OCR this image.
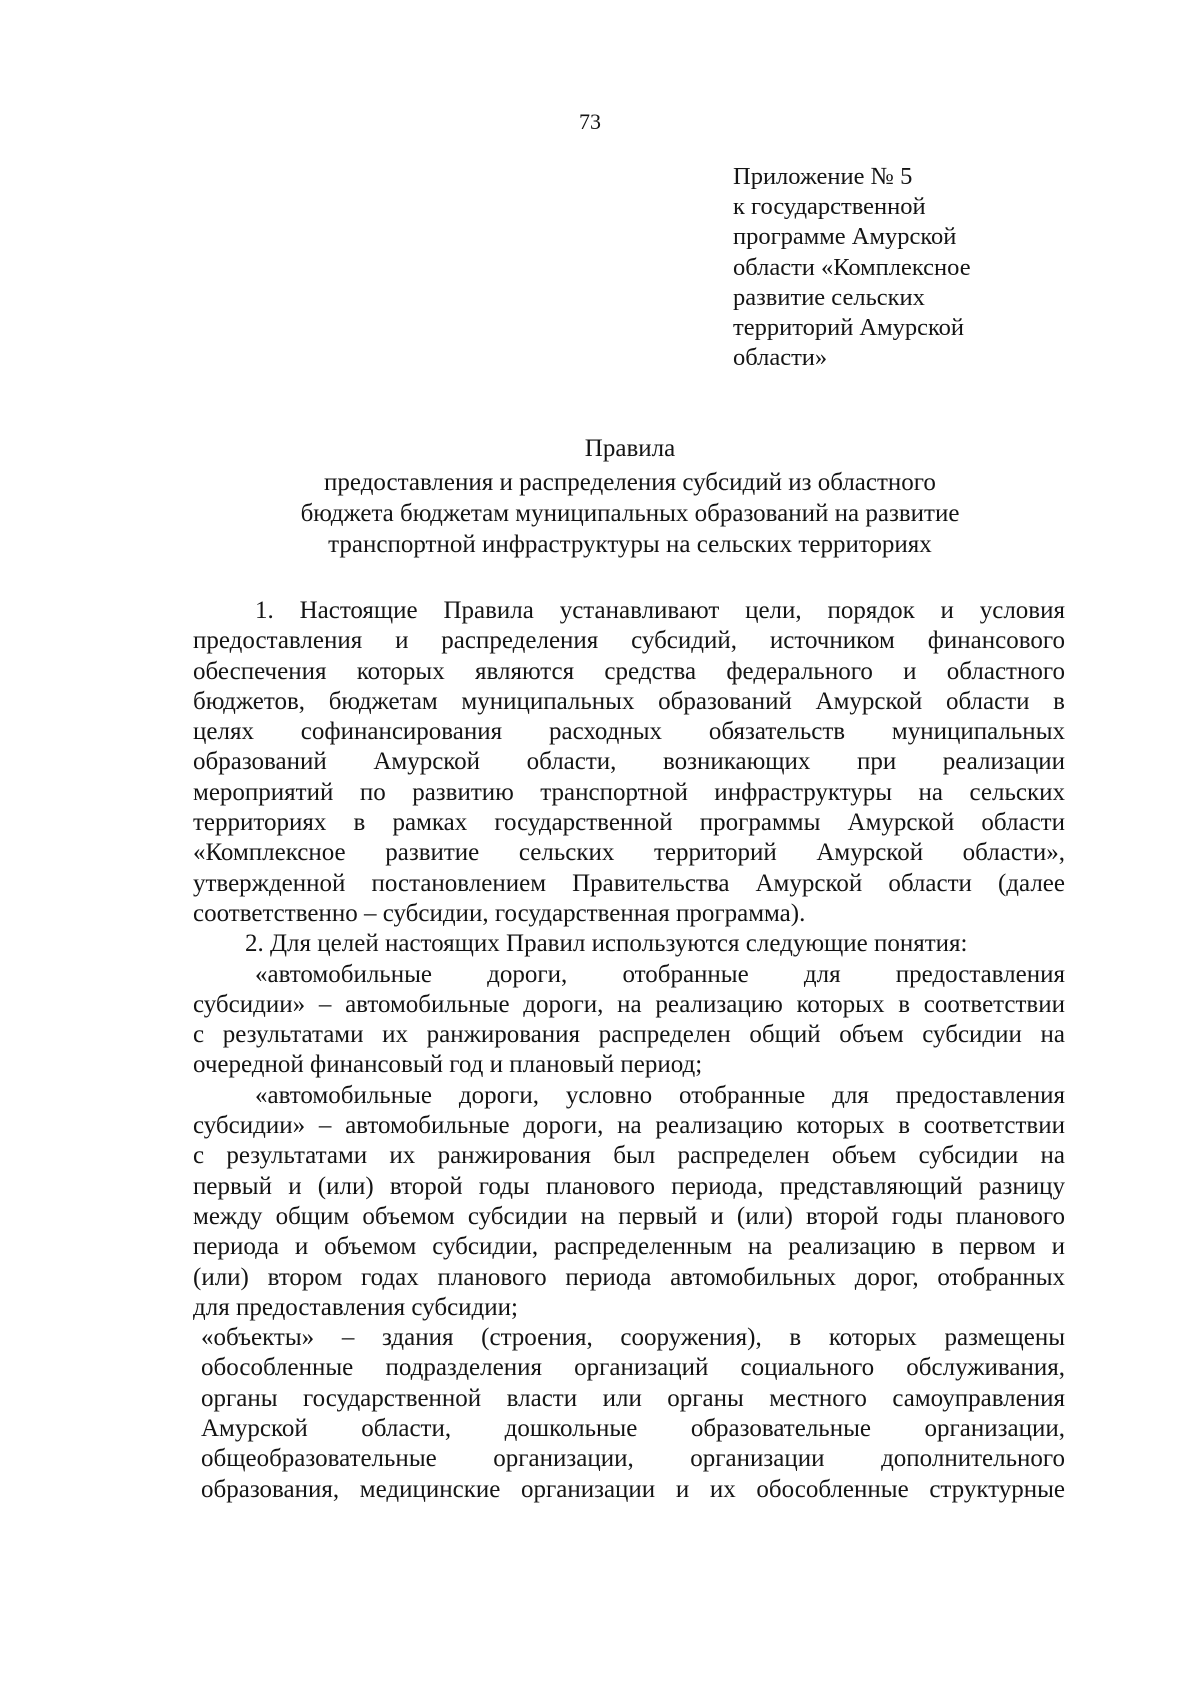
73
Приложение № 5
к государственной
программе Амурской
области «Комплексное
развитие сельских
территорий Амурской
области»
Правила
предоставления и распределения субсидий из областного
бюджета бюджетам муниципальных образований на развитие
транспортной инфраструктуры на сельских территориях
1. Настоящие Правила устанавливают цели, порядок и условия
предоставления и распределения субсидий, источником финансового
обеспечения которых являются средства федерального и областного
бюджетов, бюджетам муниципальных образований Амурской области в
целях софинансирования расходных обязательств муниципальных
образований Амурской области, возникающих при реализации
мероприятий по развитию транспортной инфраструктуры на сельских
территориях в рамках государственной программы Амурской области
«Комплексное развитие сельских территорий Амурской области»,
утвержденной постановлением Правительства Амурской области (далее
соответственно – субсидии, государственная программа).
2. Для целей настоящих Правил используются следующие понятия:
«автомобильные дороги, отобранные для предоставления
субсидии» – автомобильные дороги, на реализацию которых в соответствии
с результатами их ранжирования распределен общий объем субсидии на
очередной финансовый год и плановый период;
«автомобильные дороги, условно отобранные для предоставления
субсидии» – автомобильные дороги, на реализацию которых в соответствии
с результатами их ранжирования был распределен объем субсидии на
первый и (или) второй годы планового периода, представляющий разницу
между общим объемом субсидии на первый и (или) второй годы планового
периода и объемом субсидии, распределенным на реализацию в первом и
(или) втором годах планового периода автомобильных дорог, отобранных
для предоставления субсидии;
«объекты» – здания (строения, сооружения), в которых размещены
обособленные подразделения организаций социального обслуживания,
органы государственной власти или органы местного самоуправления
Амурской области, дошкольные образовательные организации,
общеобразовательные организации, организации дополнительного
образования, медицинские организации и их обособленные структурные
